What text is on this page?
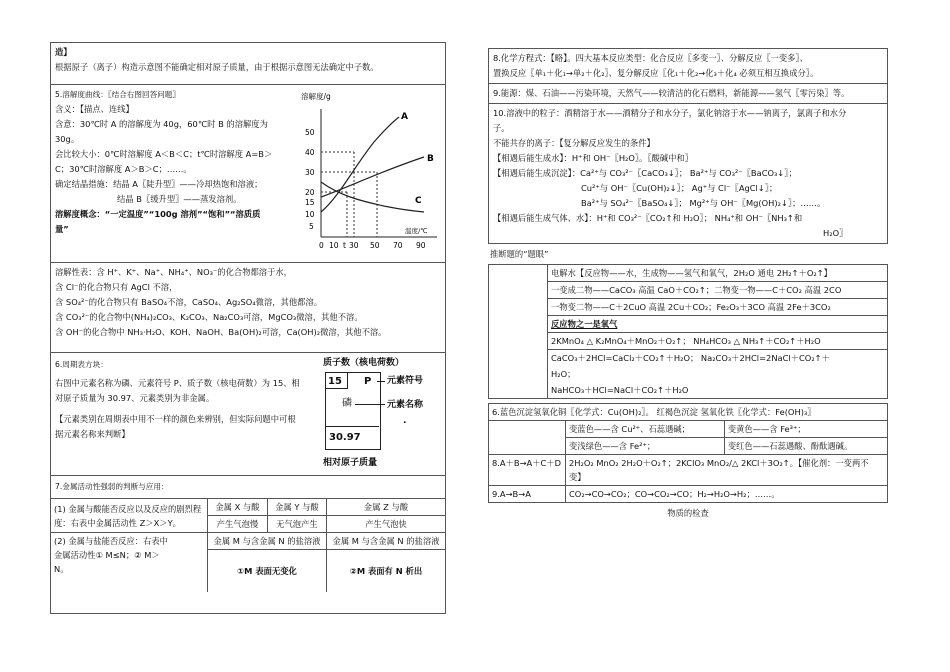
造】
根据原子（离子）构造示意图不能确定相对原子质量，由于根据示意图无法确定中子数。
5.溶解度曲线：〖结合右图回答问题〗
含义：【描点、连线】
含意：30℃时 A 的溶解度为 40g，60℃时 B 的溶解度为
30g。
会比较大小：0℃时溶解度 A＜B＜C；t℃时溶解度 A=B＞
C；30℃时溶解度 A＞B＞C；……。
确定结晶措施：结晶 A〖陡升型〗——冷却热饱和溶液；
结晶 B〖缓升型〗——蒸发溶剂。
溶解度概念：“一定温度”“100g 溶剂”“饱和”“溶质质
量”
溶解度/g
温度/℃
50
40
30
20
15
10
5
0 10 t 30 50 70 90
A
B
C
溶解性表：含 H⁺、K⁺、Na⁺、NH₄⁺、NO₃⁻的化合物都溶于水，
含 Cl⁻的化合物只有 AgCl 不溶，
含 SO₄²⁻的化合物只有 BaSO₄不溶，CaSO₄、Ag₂SO₄微溶，其他都溶。
含 CO₃²⁻的化合物中(NH₄)₂CO₃、K₂CO₃、Na₂CO₃可溶，MgCO₃微溶，其他不溶。
含 OH⁻的化合物中 NH₃·H₂O、KOH、NaOH、Ba(OH)₂可溶，Ca(OH)₂微溶，其他不溶。
6.周期表方块：
右图中元素名称为磷、元素符号 P、质子数（核电荷数）为 15、相
对原子质量为 30.97、元素类别为非金属。
【元素类别在周期表中用不一样的颜色来辨别，但实际问题中可根
据元素名称来判断】
质子数（核电荷数）
15 P
磷
30.97
元素符号
元素名称
.
相对原子质量
7.金属活动性强弱的判断与应用：
(1) 金属与酸能否反应以及反应的剧烈程
度：右表中金属活动性 Z＞X＞Y。	金属 X 与酸	金属 Y 与酸	金属 Z 与酸
	产生气泡慢	无气泡产生	产生气泡快

(2) 金属与盐能否反应：右表中
金属活动性① M≤N；② M＞
N。	金属 M 与含金属 N 的盐溶液		金属 M 与含金属 N 的盐溶液
	①M 表面无变化		②M 表面有 N 析出
8.化学方程式：【略】。四大基本反应类型：化合反应〖多变一〗、分解反应〖一变多〗、
置换反应〖单₁＋化₁→单₂＋化₂〗、复分解反应〖化₁＋化₂→化₃＋化₄ 必须互相互换成分〗。
9.能源：煤、石油——污染环境，天然气——较清洁的化石燃料，新能源——氢气〖零污染〗等。
10.溶液中的粒子：酒精溶于水——酒精分子和水分子，氯化钠溶于水——钠离子，氯离子和水分
子。
不能共存的离子：【复分解反应发生的条件】
【相遇后能生成水】：H⁺和 OH⁻〖H₂O〗。〖酸碱中和〗
【相遇后能生成沉淀】：Ca²⁺与 CO₃²⁻〖CaCO₃↓〗； Ba²⁺与 CO₃²⁻〖BaCO₃↓〗；
Cu²⁺与 OH⁻〖Cu(OH)₂↓〗； Ag⁺与 Cl⁻〖AgCl↓〗；
Ba²⁺与 SO₄²⁻〖BaSO₄↓〗； Mg²⁺与 OH⁻〖Mg(OH)₂↓〗；……。
【相遇后能生成气体、水】：H⁺和 CO₃²⁻〖CO₂↑和 H₂O〗； NH₄⁺和 OH⁻〖NH₃↑和
H₂O〗
推断题的“题眼”
	电解水【反应物——水，生成物——氢气和氧气，2H₂O 通电 2H₂↑＋O₂↑】
一变成二物——CaCO₃ 高温 CaO＋CO₂↑；二物变一物——C＋CO₂ 高温 2CO
一物变二物——C＋2CuO 高温 2Cu＋CO₂；Fe₂O₃＋3CO 高温 2Fe＋3CO₂
反应物之一是氧气
2KMnO₄ △ K₂MnO₄＋MnO₂＋O₂↑； NH₄HCO₃ △ NH₃↑＋CO₂↑＋H₂O
CaCO₃＋2HCl=CaCl₂＋CO₂↑＋H₂O； Na₂CO₃＋2HCl=2NaCl＋CO₂↑＋
H₂O；
NaHCO₃＋HCl=NaCl＋CO₂↑＋H₂O
6.蓝色沉淀氢氧化铜〖化学式：Cu(OH)₂〗。 红褐色沉淀 氢氧化铁〖化学式：Fe(OH)₃〗		
	变蓝色——含 Cu²⁺、石蕊遇碱；	变黄色——含 Fe³⁺；
	变浅绿色——含 Fe²⁺；	变红色——石蕊遇酸、酚酞遇碱。
8.A＋B→A＋C＋D	2H₂O₂ MnO₂ 2H₂O＋O₂↑；2KClO₃ MnO₂/△ 2KCl＋3O₂↑。【催化剂：一变两不
变】	

9.A→B→A	CO₂→CO→CO₂；CO→CO₂→CO；H₂→H₂O→H₂；……。	
物质的检查
